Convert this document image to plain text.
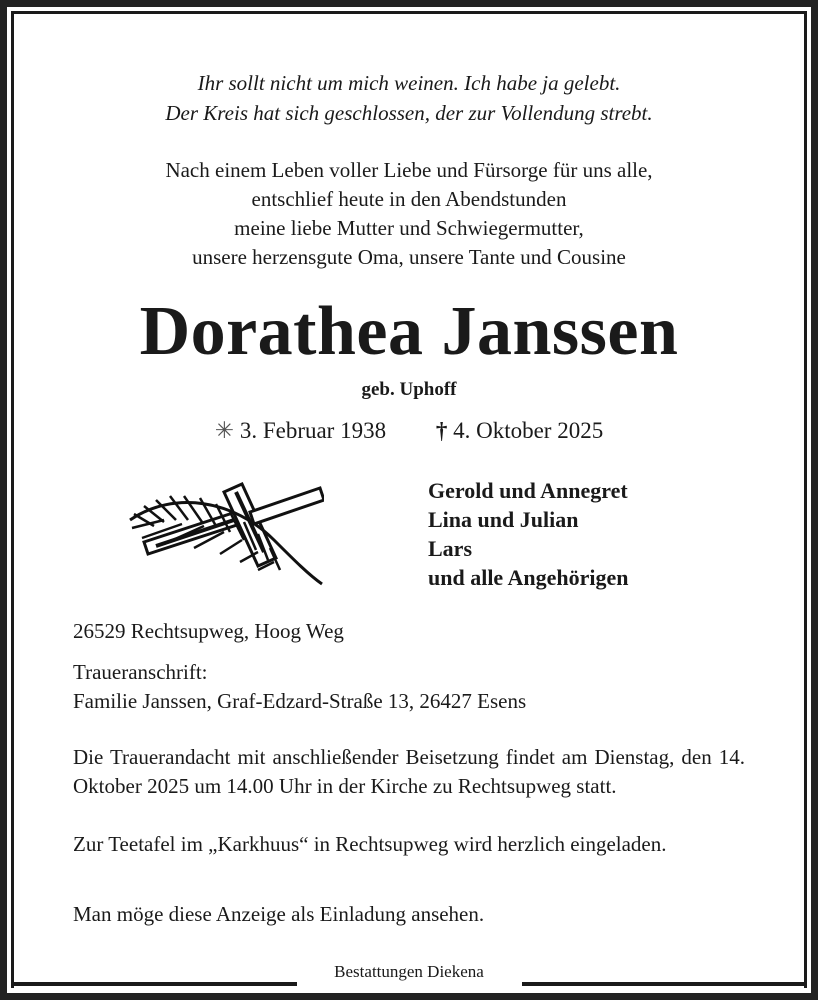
Bestattungen Diekena
Ihr sollt nicht um mich weinen. Ich habe ja gelebt.
Der Kreis hat sich geschlossen, der zur Vollendung strebt.
Nach einem Leben voller Liebe und Fürsorge für uns alle,
entschlief heute in den Abendstunden
meine liebe Mutter und Schwiegermutter,
unsere herzensgute Oma, unsere Tante und Cousine
Dorathea Janssen
geb. Uphoff
✳ 3. Februar 1938 † 4. Oktober 2025
Gerold und Annegret
Lina und Julian
Lars
und alle Angehörigen
26529 Rechtsupweg, Hoog Weg
Traueranschrift:
Familie Janssen, Graf-Edzard-Straße 13, 26427 Esens
Die Trauerandacht mit anschließender Beisetzung findet am Dienstag, den 14. Oktober 2025 um 14.00 Uhr in der Kirche zu Rechtsupweg statt.
Zur Teetafel im „Karkhuus“ in Rechtsupweg wird herzlich eingeladen.
Man möge diese Anzeige als Einladung ansehen.
